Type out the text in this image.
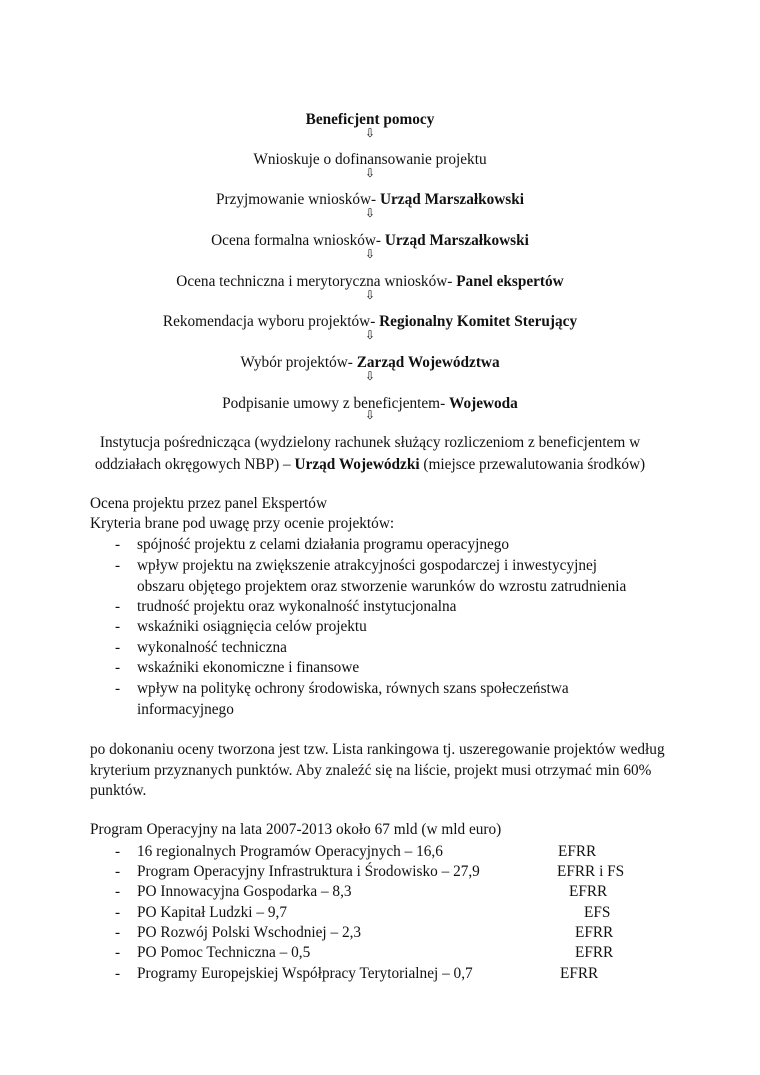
Beneficjent pomocy
⇩
Wnioskuje o dofinansowanie projektu
⇩
Przyjmowanie wniosków- Urząd Marszałkowski
⇩
Ocena formalna wniosków- Urząd Marszałkowski
⇩
Ocena techniczna i merytoryczna wniosków- Panel ekspertów
⇩
Rekomendacja wyboru projektów- Regionalny Komitet Sterujący
⇩
Wybór projektów- Zarząd Województwa
⇩
Podpisanie umowy z beneficjentem- Wojewoda
⇩
Instytucja pośrednicząca (wydzielony rachunek służący rozliczeniom z beneficjentem w
oddziałach okręgowych NBP) – Urząd Wojewódzki (miejsce przewalutowania środków)
Ocena projektu przez panel Ekspertów
Kryteria brane pod uwagę przy ocenie projektów:
- spójność projektu z celami działania programu operacyjnego
- wpływ projektu na zwiększenie atrakcyjności gospodarczej i inwestycyjnej obszaru objętego projektem oraz stworzenie warunków do wzrostu zatrudnienia
- trudność projektu oraz wykonalność instytucjonalna
- wskaźniki osiągnięcia celów projektu
- wykonalność techniczna
- wskaźniki ekonomiczne i finansowe
- wpływ na politykę ochrony środowiska, równych szans społeczeństwa informacyjnego
po dokonaniu oceny tworzona jest tzw. Lista rankingowa tj. uszeregowanie projektów według
kryterium przyznanych punktów. Aby znaleźć się na liście, projekt musi otrzymać min 60%
punktów.
Program Operacyjny na lata 2007-2013 około 67 mld (w mld euro)
- 16 regionalnych Programów Operacyjnych – 16,6	EFRR
- Program Operacyjny Infrastruktura i Środowisko – 27,9	EFRR i FS
- PO Innowacyjna Gospodarka – 8,3	EFRR
- PO Kapitał Ludzki – 9,7	EFS
- PO Rozwój Polski Wschodniej – 2,3	EFRR
- PO Pomoc Techniczna – 0,5	EFRR
- Programy Europejskiej Współpracy Terytorialnej – 0,7	EFRR
